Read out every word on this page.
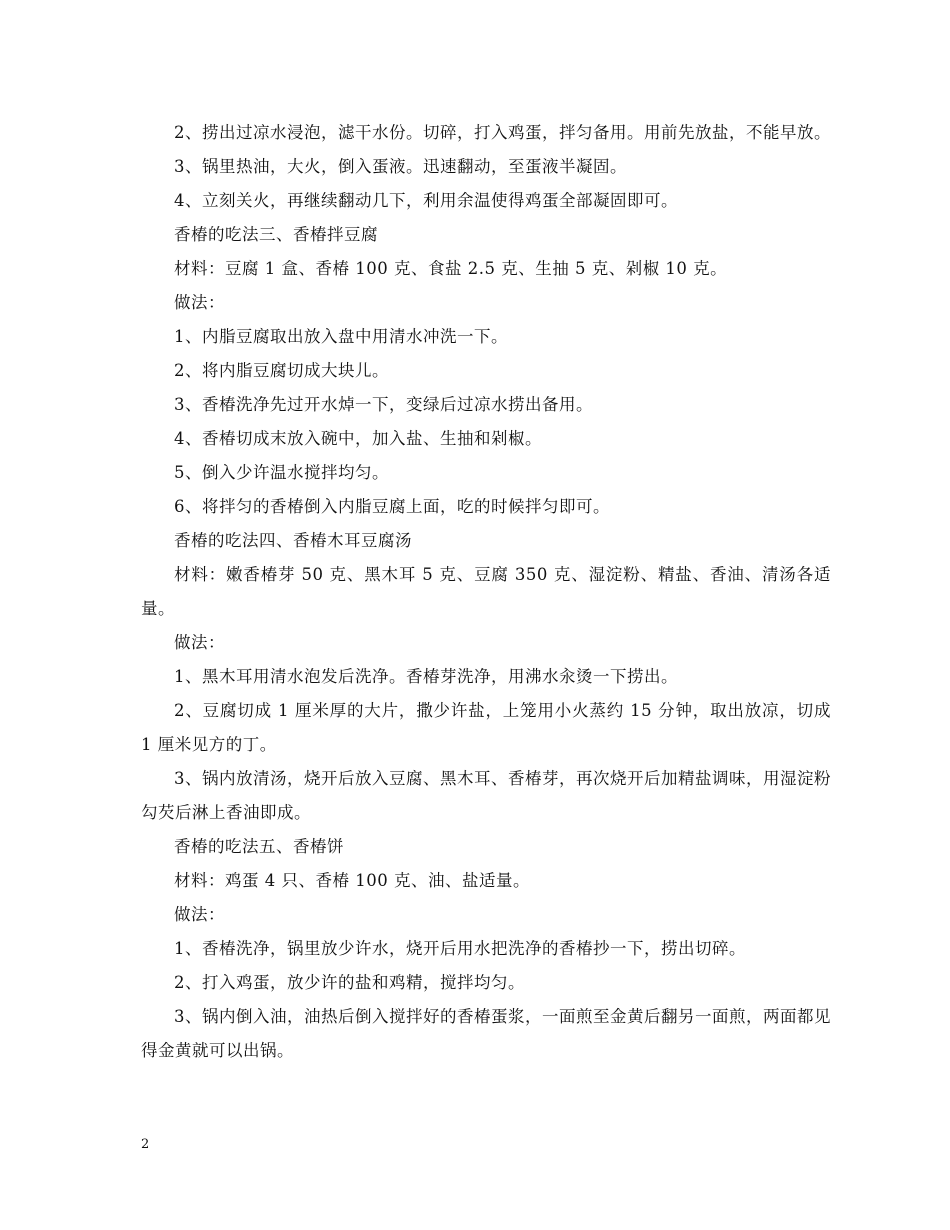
2、捞出过凉水浸泡，滤干水份。切碎，打入鸡蛋，拌匀备用。用前先放盐，不能早放。

3、锅里热油，大火，倒入蛋液。迅速翻动，至蛋液半凝固。

4、立刻关火，再继续翻动几下，利用余温使得鸡蛋全部凝固即可。

香椿的吃法三、香椿拌豆腐

材料：豆腐 1 盒、香椿 100 克、食盐 2.5 克、生抽 5 克、剁椒 10 克。

做法：

1、内脂豆腐取出放入盘中用清水冲洗一下。

2、将内脂豆腐切成大块儿。

3、香椿洗净先过开水焯一下，变绿后过凉水捞出备用。

4、香椿切成末放入碗中，加入盐、生抽和剁椒。

5、倒入少许温水搅拌均匀。

6、将拌匀的香椿倒入内脂豆腐上面，吃的时候拌匀即可。

香椿的吃法四、香椿木耳豆腐汤

材料：嫩香椿芽 50 克、黑木耳 5 克、豆腐 350 克、湿淀粉、精盐、香油、清汤各适量。

做法：

1、黑木耳用清水泡发后洗净。香椿芽洗净，用沸水汆烫一下捞出。

2、豆腐切成 1 厘米厚的大片，撒少许盐，上笼用小火蒸约 15 分钟，取出放凉，切成 1 厘米见方的丁。

3、锅内放清汤，烧开后放入豆腐、黑木耳、香椿芽，再次烧开后加精盐调味，用湿淀粉勾芡后淋上香油即成。

香椿的吃法五、香椿饼

材料：鸡蛋 4 只、香椿 100 克、油、盐适量。

做法：

1、香椿洗净，锅里放少许水，烧开后用水把洗净的香椿抄一下，捞出切碎。

2、打入鸡蛋，放少许的盐和鸡精，搅拌均匀。

3、锅内倒入油，油热后倒入搅拌好的香椿蛋浆，一面煎至金黄后翻另一面煎，两面都见得金黄就可以出锅。

2
